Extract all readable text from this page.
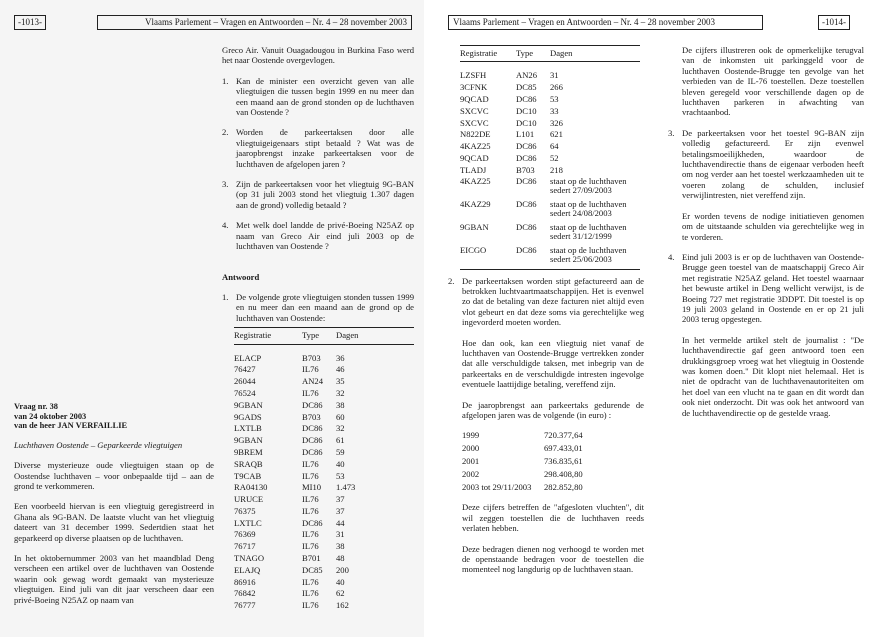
-1013-	Vlaams Parlement – Vragen en Antwoorden – Nr. 4 – 28 november 2003
Vraag nr. 38
van 24 oktober 2003
van de heer JAN VERFAILLIE

Luchthaven Oostende – Geparkeerde vliegtuigen

Diverse mysterieuze oude vliegtuigen staan op de Oostendse luchthaven – voor onbepaalde tijd – aan de grond te verkommeren.

Een voorbeeld hiervan is een vliegtuig geregistreerd in Ghana als 9G-BAN. De laatste vlucht van het vliegtuig dateert van 31 december 1999. Sedertdien staat het geparkeerd op diverse plaatsen op de luchthaven.

In het oktobernummer 2003 van het maandblad Deng verscheen een artikel over de luchthaven van Oostende waarin ook gewag wordt gemaakt van mysterieuze vliegtuigen. Eind juli van dit jaar verscheen daar een privé-Boeing N25AZ op naam van

Greco Air. Vanuit Ouagadougou in Burkina Faso werd het naar Oostende overgevlogen.

1. Kan de minister een overzicht geven van alle vliegtuigen die tussen begin 1999 en nu meer dan een maand aan de grond stonden op de luchthaven van Oostende ?
2. Worden de parkeertaksen door alle vliegtuigeigenaars stipt betaald ? Wat was de jaaropbrengst inzake parkeertaksen voor de luchthaven de afgelopen jaren ?
3. Zijn de parkeertaksen voor het vliegtuig 9G-BAN (op 31 juli 2003 stond het vliegtuig 1.307 dagen aan de grond) volledig betaald ?
4. Met welk doel landde de privé-Boeing N25AZ op naam van Greco Air eind juli 2003 op de luchthaven van Oostende ?

Antwoord

1. De volgende grote vliegtuigen stonden tussen 1999 en nu meer dan een maand aan de grond op de luchthaven van Oostende:
Registratie	Type	Dagen
ELACP	B703	36
76427	IL76	46
26044	AN24	35
76524	IL76	32
9GBAN	DC86	38
9GADS	B703	60
LXTLB	DC86	32
9GBAN	DC86	61
9BREM	DC86	59
SRAQB	IL76	40
T9CAB	IL76	53
RA04130	MI10	1.473
URUCE	IL76	37
76375	IL76	37
LXTLC	DC86	44
76369	IL76	31
76717	IL76	38
TNAGO	B701	48
ELAJQ	DC85	200
86916	IL76	40
76842	IL76	62
76777	IL76	162
Vlaams Parlement – Vragen en Antwoorden – Nr. 4 – 28 november 2003	-1014-
Registratie	Type	Dagen
LZSFH	AN26	31
3CFNK	DC85	266
9QCAD	DC86	53
SXCVC	DC10	33
SXCVC	DC10	326
N822DE	L101	621
4KAZ25	DC86	64
9QCAD	DC86	52
TLADJ	B703	218
4KAZ25	DC86	staat op de luchthaven
sedert 27/09/2003

4KAZ29	DC86	staat op de luchthaven
sedert 24/08/2003

9GBAN	DC86	staat op de luchthaven
sedert 31/12/1999

EICGO	DC86	staat op de luchthaven
sedert 25/06/2003

2. De parkeertaksen worden stipt gefactureerd aan de betrokken luchtvaartmaatschappijen. Het is evenwel zo dat de betaling van deze facturen niet altijd even vlot gebeurt en dat deze soms via gerechtelijke weg ingevorderd moeten worden.

Hoe dan ook, kan een vliegtuig niet vanaf de luchthaven van Oostende-Brugge vertrekken zonder dat alle verschuldigde taksen, met inbegrip van de parkeertaks en de verschuldigde intresten ingevolge eventuele laattijdige betaling, vereffend zijn.

De jaaropbrengst aan parkeertaks gedurende de afgelopen jaren was de volgende (in euro) :

1999	720.377,64
2000	697.433,01
2001	736.835,61
2002	298.408,80
2003 tot 29/11/2003	282.852,80

Deze cijfers betreffen de "afgesloten vluchten", dit wil zeggen toestellen die de luchthaven reeds verlaten hebben.

Deze bedragen dienen nog verhoogd te worden met de openstaande bedragen voor de toestellen die momenteel nog langdurig op de luchthaven staan.

De cijfers illustreren ook de opmerkelijke terugval van de inkomsten uit parkinggeld voor de luchthaven Oostende-Brugge ten gevolge van het verbieden van de IL-76 toestellen. Deze toestellen bleven geregeld voor verschillende dagen op de luchthaven parkeren in afwachting van vrachtaanbod.

3. De parkeertaksen voor het toestel 9G-BAN zijn volledig gefactureerd. Er zijn evenwel betalingsmoeilijkheden, waardoor de luchthavendirectie thans de eigenaar verboden heeft om nog verder aan het toestel werkzaamheden uit te voeren zolang de schulden, inclusief verwijlintresten, niet vereffend zijn.

Er worden tevens de nodige initiatieven genomen om de uitstaande schulden via gerechtelijke weg in te vorderen.

4. Eind juli 2003 is er op de luchthaven van Oostende-Brugge geen toestel van de maatschappij Greco Air met registratie N25AZ geland. Het toestel waarnaar het bewuste artikel in Deng wellicht verwijst, is de Boeing 727 met registratie 3DDPT. Dit toestel is op 19 juli 2003 geland in Oostende en er op 21 juli 2003 terug opgestegen.

In het vermelde artikel stelt de journalist : "De luchthavendirectie gaf geen antwoord toen een drukkingsgroep vroeg wat het vliegtuig in Oostende was komen doen." Dit klopt niet helemaal. Het is niet de opdracht van de luchthavenautoriteiten om het doel van een vlucht na te gaan en dit wordt dan ook niet onderzocht. Dit was ook het antwoord van de luchthavendirectie op de gestelde vraag.
